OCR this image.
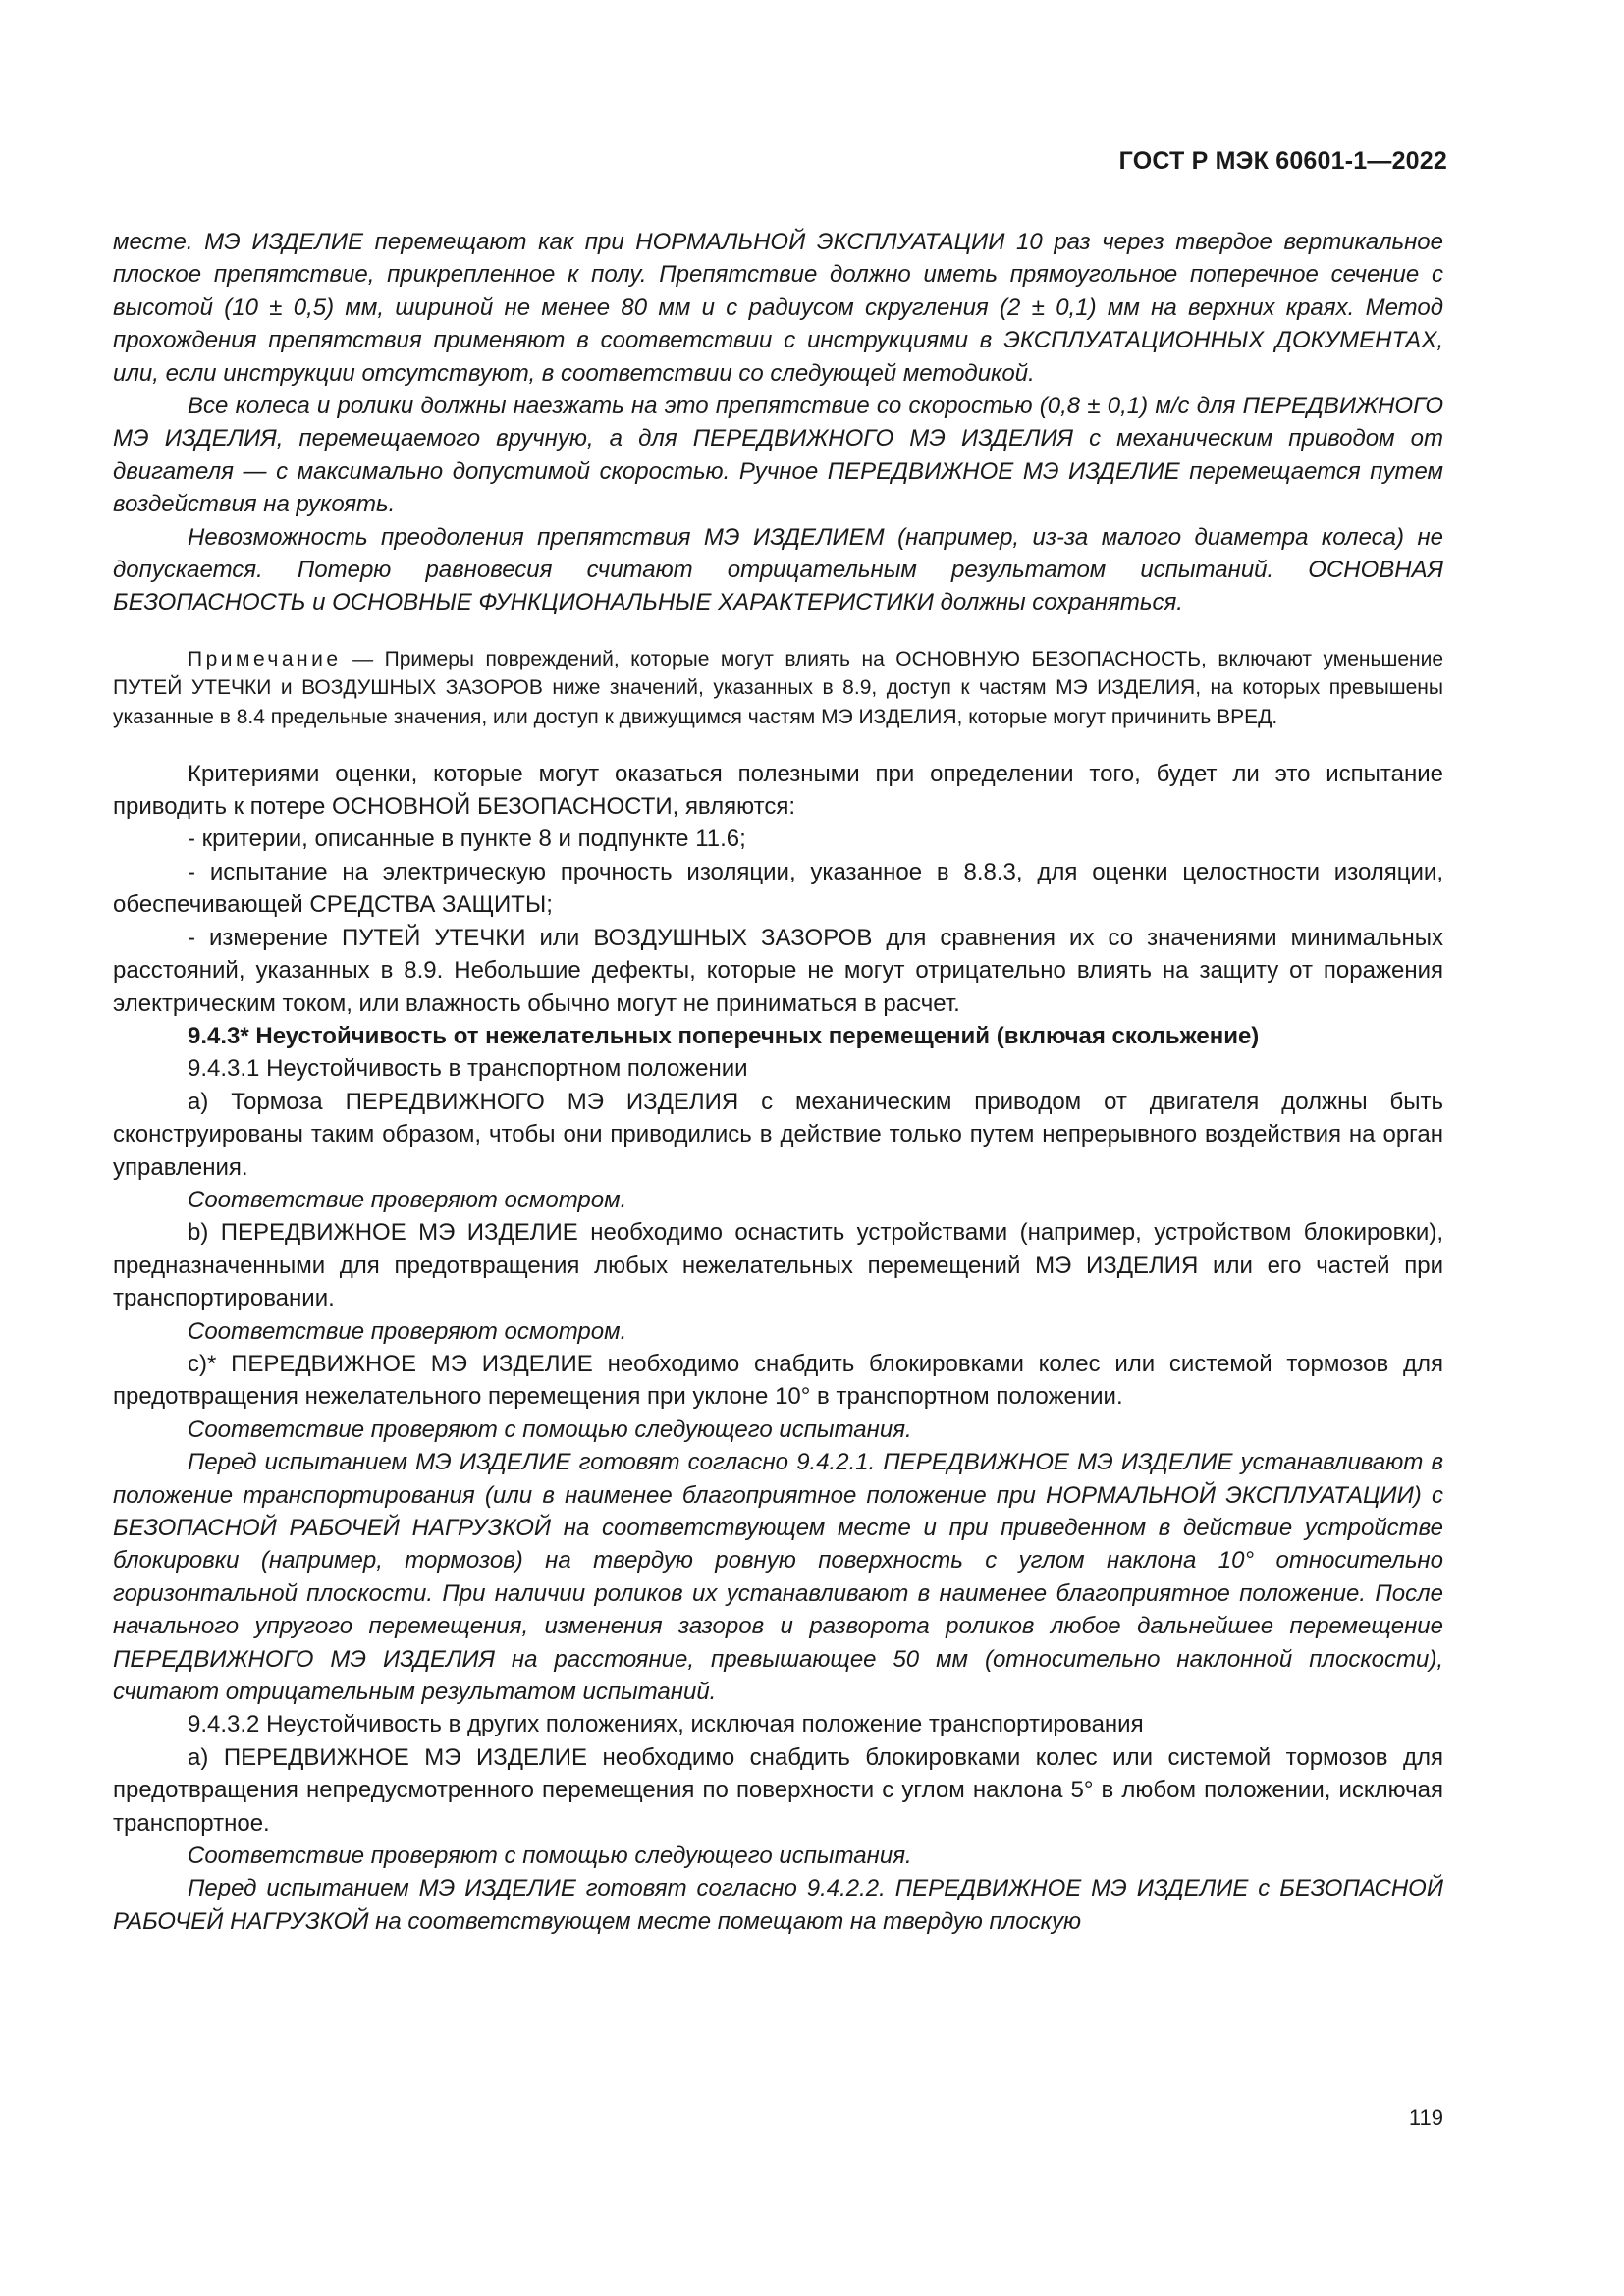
ГОСТ Р МЭК 60601-1—2022

месте. МЭ ИЗДЕЛИЕ перемещают как при НОРМАЛЬНОЙ ЭКСПЛУАТАЦИИ 10 раз через твердое вертикальное плоское препятствие, прикрепленное к полу. Препятствие должно иметь прямоугольное поперечное сечение с высотой (10 ± 0,5) мм, шириной не менее 80 мм и с радиусом скругления (2 ± 0,1) мм на верхних краях. Метод прохождения препятствия применяют в соответствии с инструкциями в ЭКСПЛУАТАЦИОННЫХ ДОКУМЕНТАХ, или, если инструкции отсутствуют, в соответствии со следующей методикой.

Все колеса и ролики должны наезжать на это препятствие со скоростью (0,8 ± 0,1) м/с для ПЕРЕДВИЖНОГО МЭ ИЗДЕЛИЯ, перемещаемого вручную, а для ПЕРЕДВИЖНОГО МЭ ИЗДЕЛИЯ с механическим приводом от двигателя — с максимально допустимой скоростью. Ручное ПЕРЕДВИЖНОЕ МЭ ИЗДЕЛИЕ перемещается путем воздействия на рукоять.

Невозможность преодоления препятствия МЭ ИЗДЕЛИЕМ (например, из-за малого диаметра колеса) не допускается. Потерю равновесия считают отрицательным результатом испытаний. ОСНОВНАЯ БЕЗОПАСНОСТЬ и ОСНОВНЫЕ ФУНКЦИОНАЛЬНЫЕ ХАРАКТЕРИСТИКИ должны сохраняться.

Примечание — Примеры повреждений, которые могут влиять на ОСНОВНУЮ БЕЗОПАСНОСТЬ, включают уменьшение ПУТЕЙ УТЕЧКИ и ВОЗДУШНЫХ ЗАЗОРОВ ниже значений, указанных в 8.9, доступ к частям МЭ ИЗДЕЛИЯ, на которых превышены указанные в 8.4 предельные значения, или доступ к движущимся частям МЭ ИЗДЕЛИЯ, которые могут причинить ВРЕД.

Критериями оценки, которые могут оказаться полезными при определении того, будет ли это испытание приводить к потере ОСНОВНОЙ БЕЗОПАСНОСТИ, являются:

- критерии, описанные в пункте 8 и подпункте 11.6;

- испытание на электрическую прочность изоляции, указанное в 8.8.3, для оценки целостности изоляции, обеспечивающей СРЕДСТВА ЗАЩИТЫ;

- измерение ПУТЕЙ УТЕЧКИ или ВОЗДУШНЫХ ЗАЗОРОВ для сравнения их со значениями минимальных расстояний, указанных в 8.9. Небольшие дефекты, которые не могут отрицательно влиять на защиту от поражения электрическим током, или влажность обычно могут не приниматься в расчет.

9.4.3* Неустойчивость от нежелательных поперечных перемещений (включая скольжение)

9.4.3.1 Неустойчивость в транспортном положении

а) Тормоза ПЕРЕДВИЖНОГО МЭ ИЗДЕЛИЯ с механическим приводом от двигателя должны быть сконструированы таким образом, чтобы они приводились в действие только путем непрерывного воздействия на орган управления.

Соответствие проверяют осмотром.

b) ПЕРЕДВИЖНОЕ МЭ ИЗДЕЛИЕ необходимо оснастить устройствами (например, устройством блокировки), предназначенными для предотвращения любых нежелательных перемещений МЭ ИЗДЕЛИЯ или его частей при транспортировании.

Соответствие проверяют осмотром.

с)* ПЕРЕДВИЖНОЕ МЭ ИЗДЕЛИЕ необходимо снабдить блокировками колес или системой тормозов для предотвращения нежелательного перемещения при уклоне 10° в транспортном положении.

Соответствие проверяют с помощью следующего испытания.

Перед испытанием МЭ ИЗДЕЛИЕ готовят согласно 9.4.2.1. ПЕРЕДВИЖНОЕ МЭ ИЗДЕЛИЕ устанавливают в положение транспортирования (или в наименее благоприятное положение при НОРМАЛЬНОЙ ЭКСПЛУАТАЦИИ) с БЕЗОПАСНОЙ РАБОЧЕЙ НАГРУЗКОЙ на соответствующем месте и при приведенном в действие устройстве блокировки (например, тормозов) на твердую ровную поверхность с углом наклона 10° относительно горизонтальной плоскости. При наличии роликов их устанавливают в наименее благоприятное положение. После начального упругого перемещения, изменения зазоров и разворота роликов любое дальнейшее перемещение ПЕРЕДВИЖНОГО МЭ ИЗДЕЛИЯ на расстояние, превышающее 50 мм (относительно наклонной плоскости), считают отрицательным результатом испытаний.

9.4.3.2 Неустойчивость в других положениях, исключая положение транспортирования

а) ПЕРЕДВИЖНОЕ МЭ ИЗДЕЛИЕ необходимо снабдить блокировками колес или системой тормозов для предотвращения непредусмотренного перемещения по поверхности с углом наклона 5° в любом положении, исключая транспортное.

Соответствие проверяют с помощью следующего испытания.

Перед испытанием МЭ ИЗДЕЛИЕ готовят согласно 9.4.2.2. ПЕРЕДВИЖНОЕ МЭ ИЗДЕЛИЕ с БЕЗОПАСНОЙ РАБОЧЕЙ НАГРУЗКОЙ на соответствующем месте помещают на твердую плоскую

119
